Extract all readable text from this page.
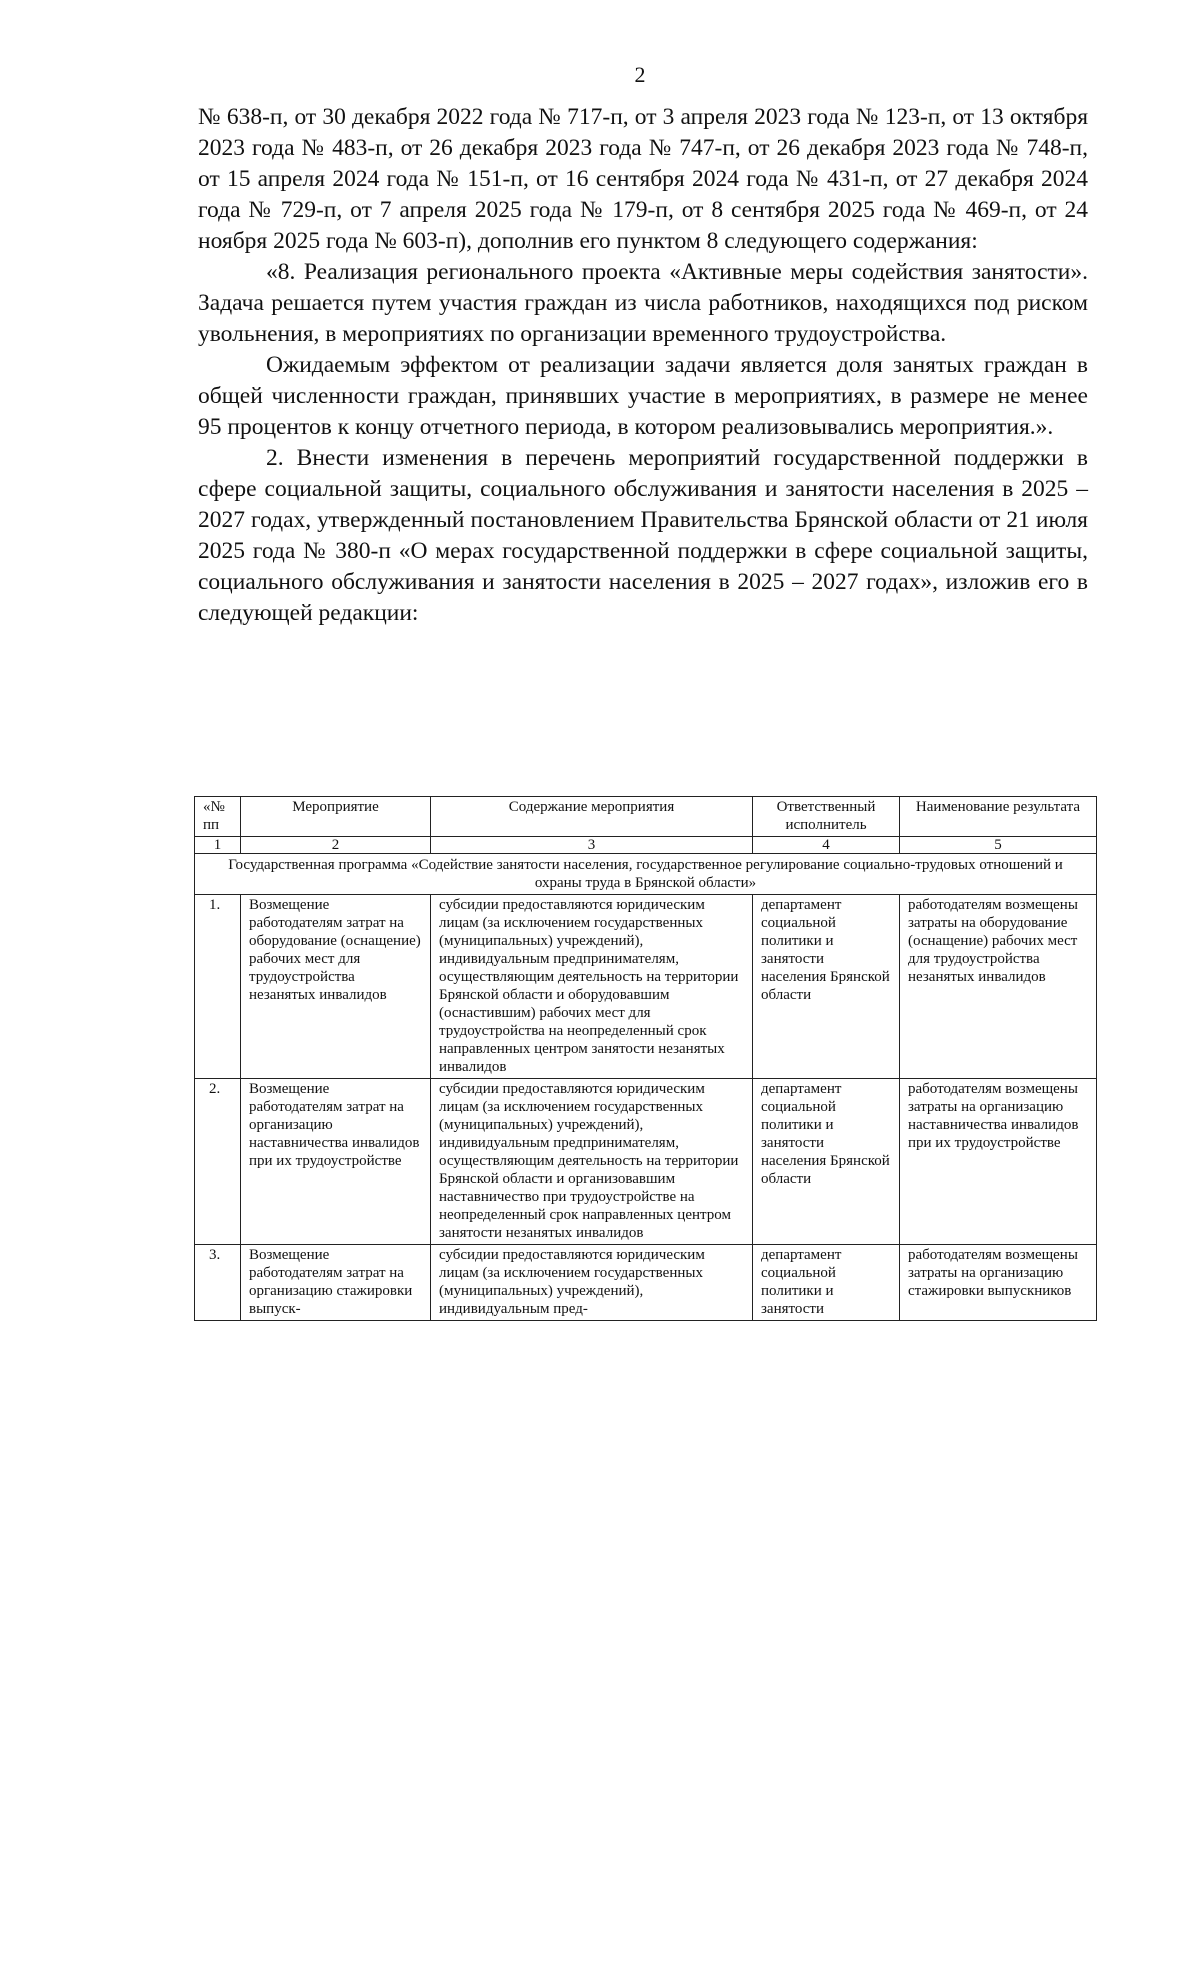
2

№ 638-п, от 30 декабря 2022 года № 717-п, от 3 апреля 2023 года № 123-п, от 13 октября 2023 года № 483-п, от 26 декабря 2023 года № 747-п, от 26 декабря 2023 года № 748-п, от 15 апреля 2024 года № 151-п, от 16 сентября 2024 года № 431-п, от 27 декабря 2024 года № 729-п, от 7 апреля 2025 года № 179-п, от 8 сентября 2025 года № 469-п, от 24 ноября 2025 года № 603-п), дополнив его пунктом 8 следующего содержания:

«8. Реализация регионального проекта «Активные меры содействия занятости». Задача решается путем участия граждан из числа работников, находящихся под риском увольнения, в мероприятиях по организации временного трудоустройства.

Ожидаемым эффектом от реализации задачи является доля занятых граждан в общей численности граждан, принявших участие в мероприятиях, в размере не менее 95 процентов к концу отчетного периода, в котором реализовывались мероприятия.».

2. Внести изменения в перечень мероприятий государственной поддержки в сфере социальной защиты, социального обслуживания и занятости населения в 2025 – 2027 годах, утвержденный постановлением Правительства Брянской области от 21 июля 2025 года № 380-п «О мерах государственной поддержки в сфере социальной защиты, социального обслуживания и занятости населения в 2025 – 2027 годах», изложив его в следующей редакции:

«№ пп	Мероприятие	Содержание мероприятия	Ответственный исполнитель	Наименование результата
1	2	3	4	5
Государственная программа «Содействие занятости населения, государственное регулирование социально-трудовых отношений и охраны труда в Брянской области»				
1.	Возмещение работодателям затрат на оборудование (оснащение) рабочих мест для трудоустройства незанятых инвалидов	субсидии предоставляются юридическим лицам (за исключением государственных (муниципальных) учреждений), индивидуальным предпринимателям, осуществляющим деятельность на территории Брянской области и оборудовавшим (оснастившим) рабочих мест для трудоустройства на неопределенный срок направленных центром занятости незанятых инвалидов	департамент социальной политики и занятости населения Брянской области	работодателям возмещены затраты на оборудование (оснащение) рабочих мест для трудоустройства незанятых инвалидов
2.	Возмещение работодателям затрат на организацию наставничества инвалидов при их трудоустройстве	субсидии предоставляются юридическим лицам (за исключением государственных (муниципальных) учреждений), индивидуальным предпринимателям, осуществляющим деятельность на территории Брянской области и организовавшим наставничество при трудоустройстве на неопределенный срок направленных центром занятости незанятых инвалидов	департамент социальной политики и занятости населения Брянской области	работодателям возмещены затраты на организацию наставничества инвалидов при их трудоустройстве
3.	Возмещение работодателям затрат на организацию стажировки выпуск-	субсидии предоставляются юридическим лицам (за исключением государственных (муниципальных) учреждений), индивидуальным пред-	департамент социальной политики и занятости	работодателям возмещены затраты на организацию стажировки выпускников
